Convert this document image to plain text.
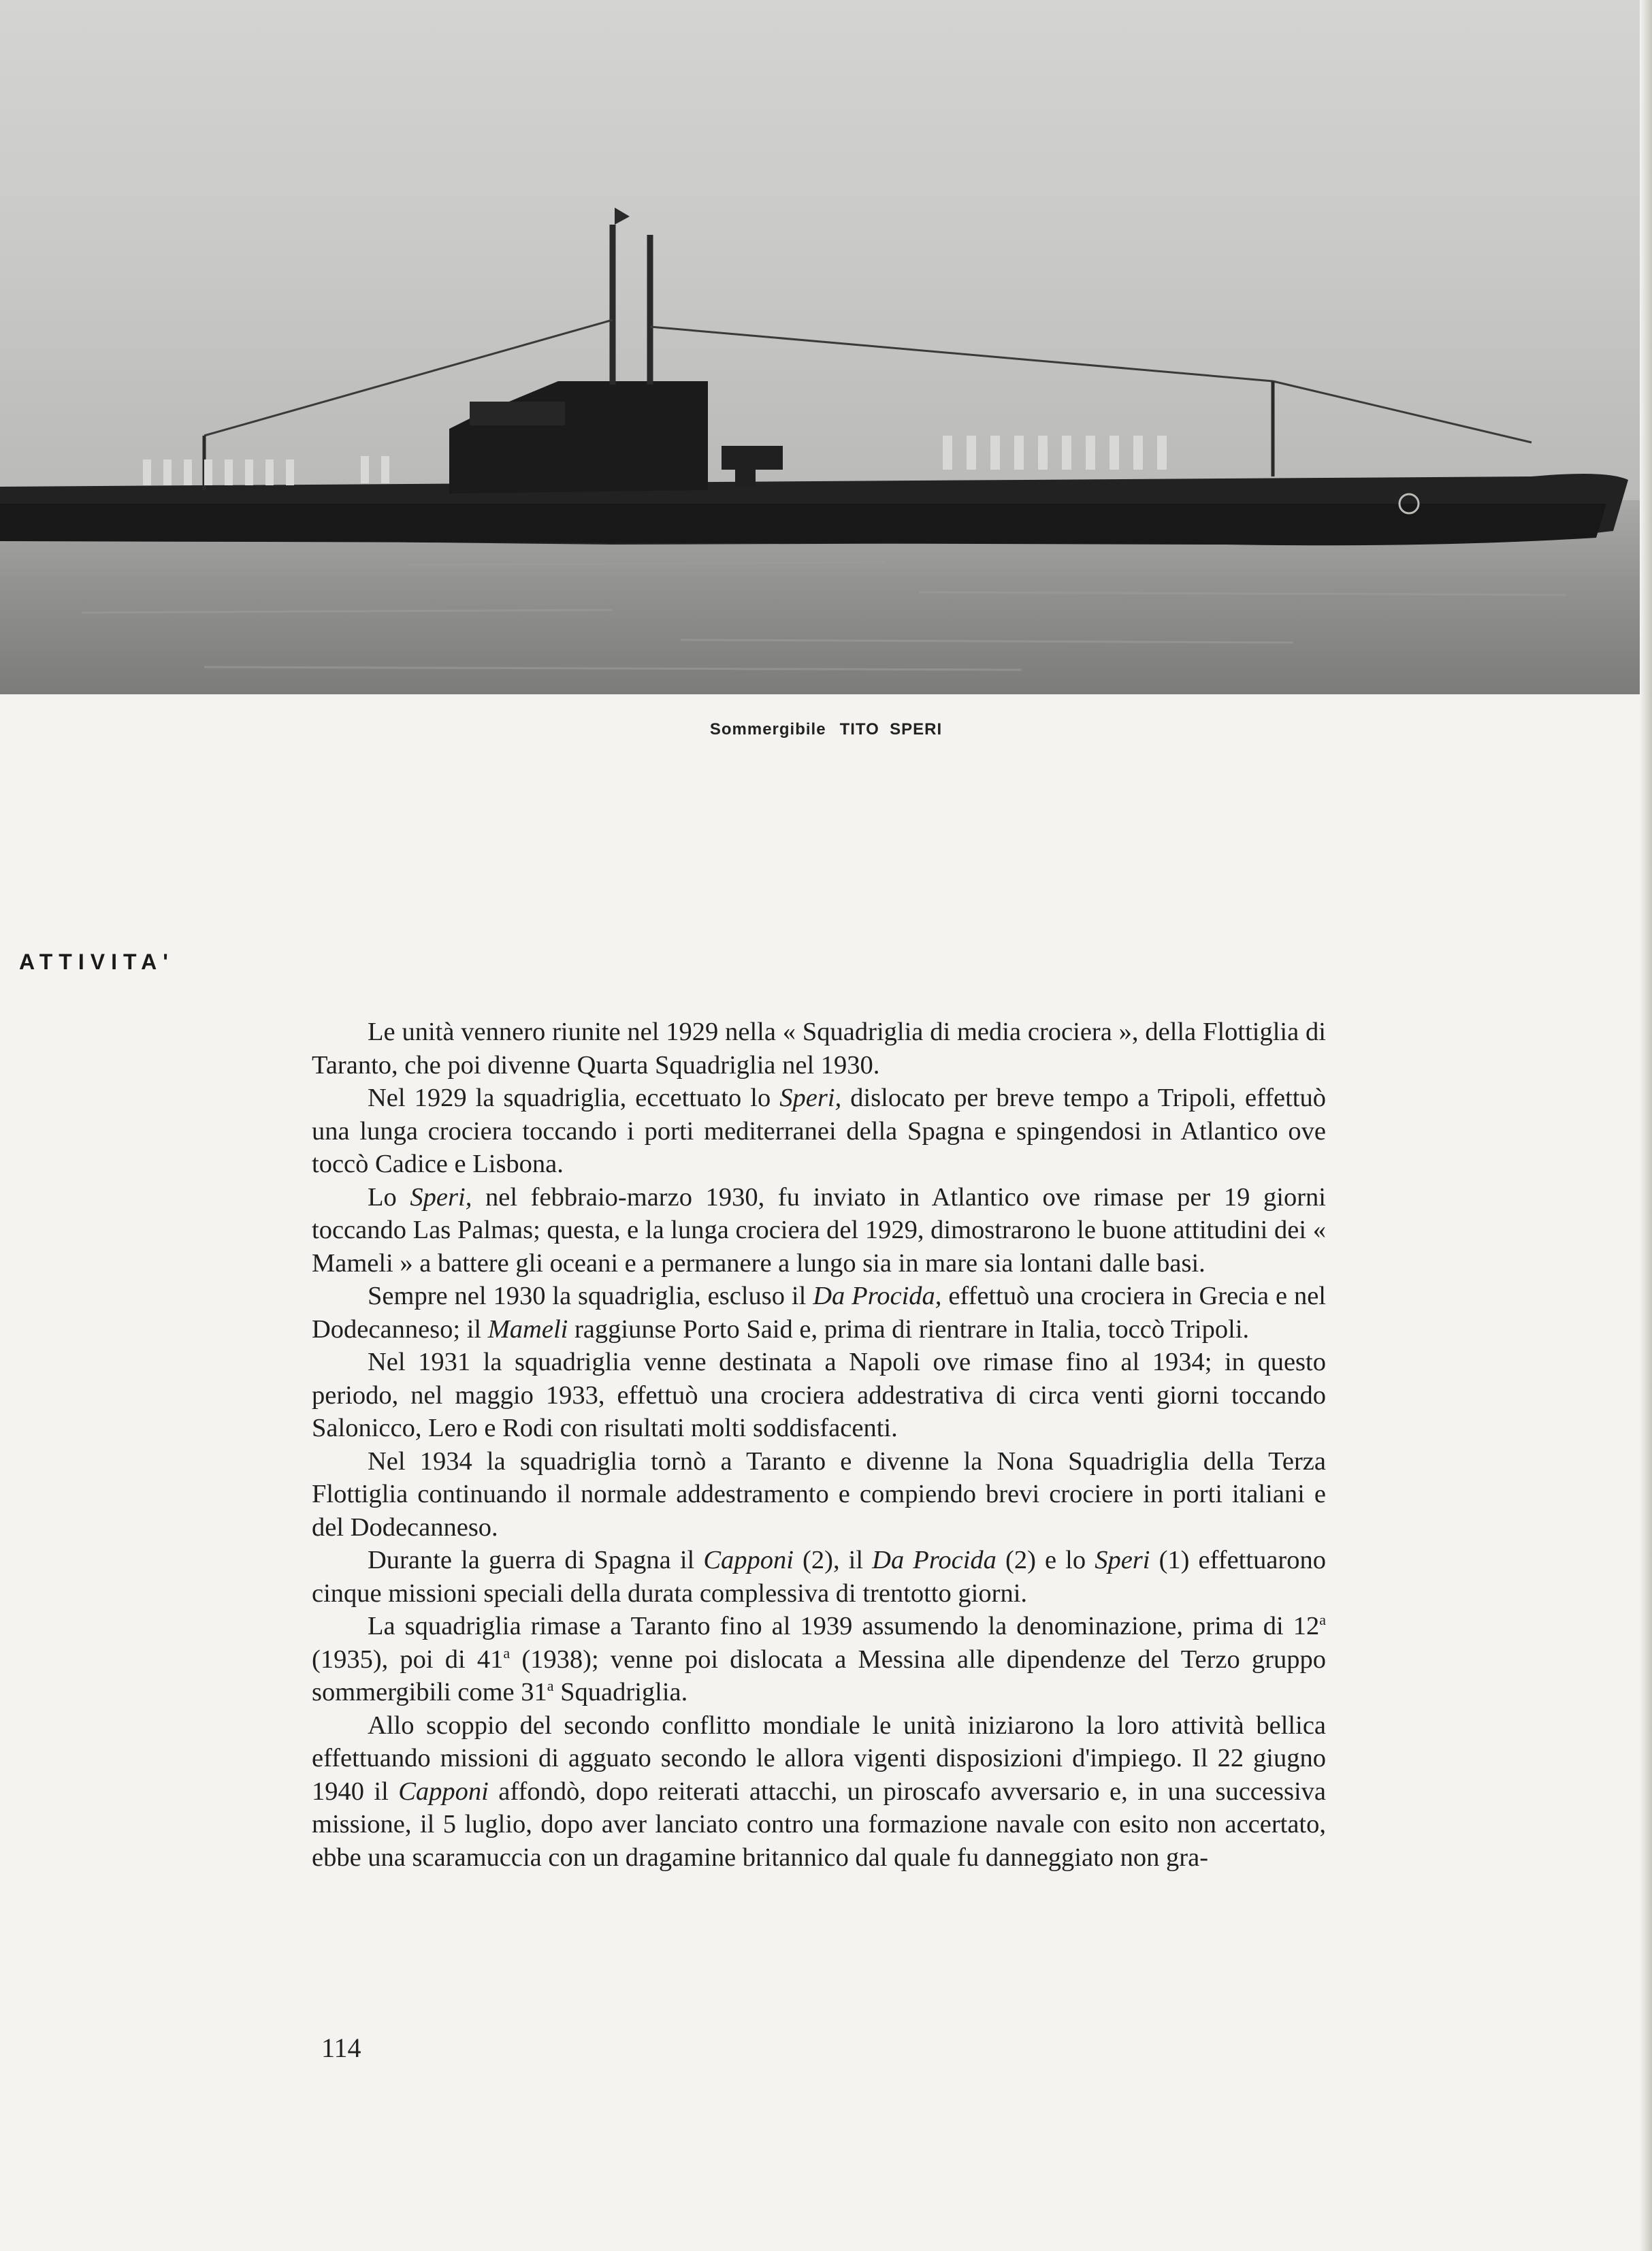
Sommergibile TITO  SPERI
ATTIVITA'

Le unità vennero riunite nel 1929 nella « Squadriglia di media crociera », della Flottiglia di Taranto, che poi divenne Quarta Squadriglia nel 1930.

Nel 1929 la squadriglia, eccettuato lo Speri, dislocato per breve tempo a Tripoli, effettuò una lunga crociera toccando i porti mediterranei della Spagna e spingendosi in Atlantico ove toccò Cadice e Lisbona.

Lo Speri, nel febbraio-marzo 1930, fu inviato in Atlantico ove rimase per 19 giorni toccando Las Palmas; questa, e la lunga crociera del 1929, dimostrarono le buone attitudini dei « Mameli » a battere gli oceani e a permanere a lungo sia in mare sia lontani dalle basi.

Sempre nel 1930 la squadriglia, escluso il Da Procida, effettuò una crociera in Grecia e nel Dodecanneso; il Mameli raggiunse Porto Said e, prima di rientrare in Italia, toccò Tripoli.

Nel 1931 la squadriglia venne destinata a Napoli ove rimase fino al 1934; in questo periodo, nel maggio 1933, effettuò una crociera addestrativa di circa venti giorni toccando Salonicco, Lero e Rodi con risultati molti soddisfacenti.

Nel 1934 la squadriglia tornò a Taranto e divenne la Nona Squadriglia della Terza Flottiglia continuando il normale addestramento e compiendo brevi crociere in porti italiani e del Dodecanneso.

Durante la guerra di Spagna il Capponi (2), il Da Procida (2) e lo Speri (1) effettuarono cinque missioni speciali della durata complessiva di trentotto giorni.

La squadriglia rimase a Taranto fino al 1939 assumendo la denominazione, prima di 12$^a$ (1935), poi di 41$^a$ (1938); venne poi dislocata a Messina alle dipendenze del Terzo gruppo sommergibili come 31$^a$ Squadriglia.

Allo scoppio del secondo conflitto mondiale le unità iniziarono la loro attività bellica effettuando missioni di agguato secondo le allora vigenti disposizioni d'impiego. Il 22 giugno 1940 il Capponi affondò, dopo reiterati attacchi, un piroscafo avversario e, in una successiva missione, il 5 luglio, dopo aver lanciato contro una formazione navale con esito non accertato, ebbe una scaramuccia con un dragamine britannico dal quale fu danneggiato non gra-

114
